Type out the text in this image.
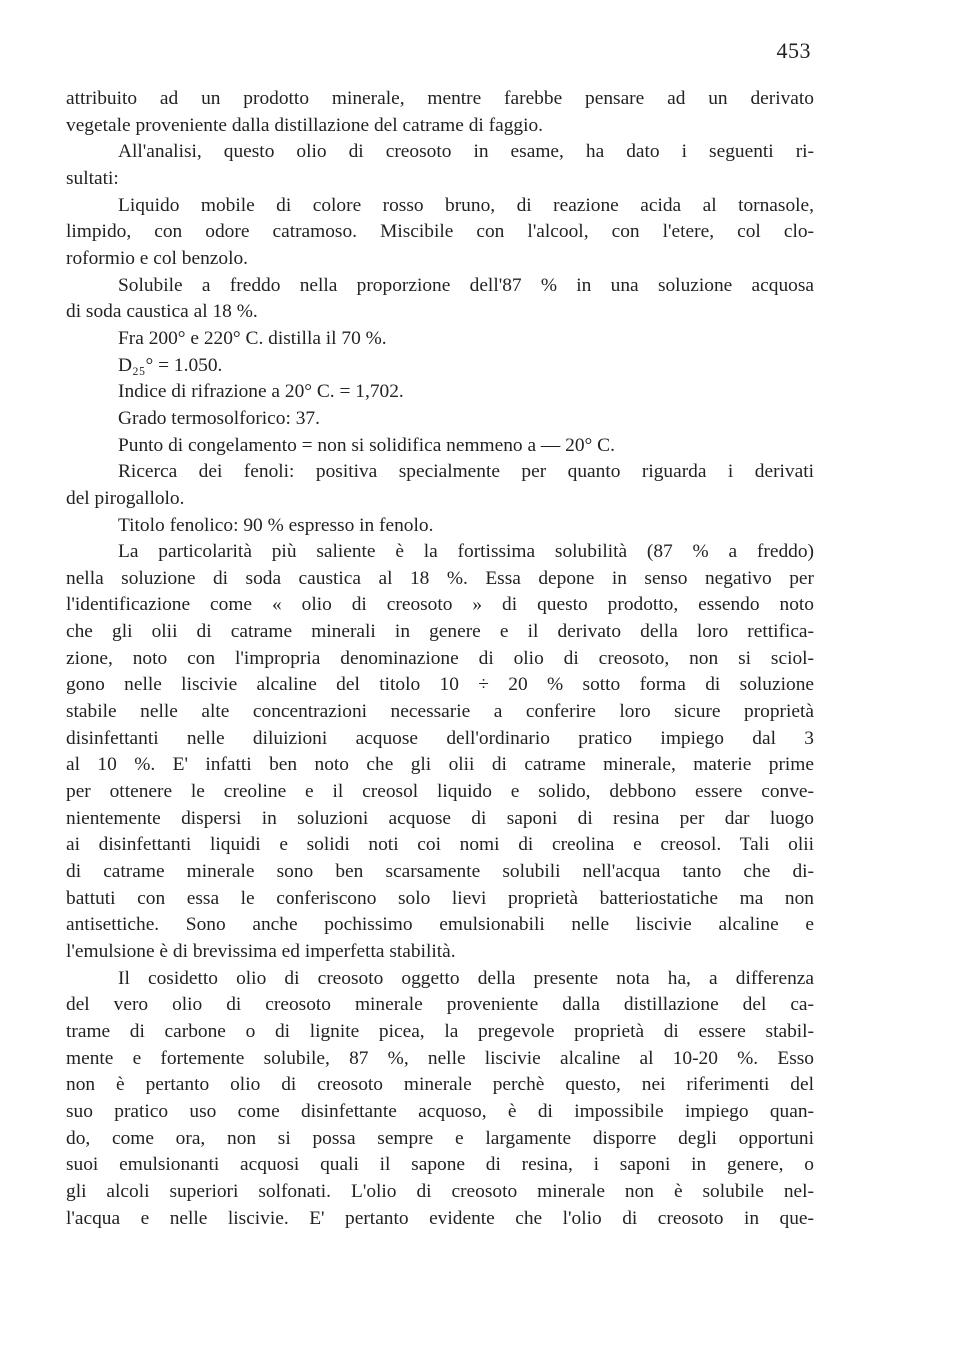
453
attribuito ad un prodotto minerale, mentre farebbe pensare ad un derivato
vegetale proveniente dalla distillazione del catrame di faggio.
All'analisi, questo olio di creosoto in esame, ha dato i seguenti ri-
sultati:
Liquido mobile di colore rosso bruno, di reazione acida al tornasole,
limpido, con odore catramoso. Miscibile con l'alcool, con l'etere, col clo-
roformio e col benzolo.
Solubile a freddo nella proporzione dell'87 % in una soluzione acquosa
di soda caustica al 18 %.
Fra 200° e 220° C. distilla il 70 %.
D₂₅° = 1.050.
Indice di rifrazione a 20° C. = 1,702.
Grado termosolforico: 37.
Punto di congelamento = non si solidifica nemmeno a — 20° C.
Ricerca dei fenoli: positiva specialmente per quanto riguarda i derivati
del pirogallolo.
Titolo fenolico: 90 % espresso in fenolo.
La particolarità più saliente è la fortissima solubilità (87 % a freddo)
nella soluzione di soda caustica al 18 %. Essa depone in senso negativo per
l'identificazione come « olio di creosoto » di questo prodotto, essendo noto
che gli olii di catrame minerali in genere e il derivato della loro rettifica-
zione, noto con l'impropria denominazione di olio di creosoto, non si sciol-
gono nelle liscivie alcaline del titolo 10 ÷ 20 % sotto forma di soluzione
stabile nelle alte concentrazioni necessarie a conferire loro sicure proprietà
disinfettanti nelle diluizioni acquose dell'ordinario pratico impiego dal 3
al 10 %. E' infatti ben noto che gli olii di catrame minerale, materie prime
per ottenere le creoline e il creosol liquido e solido, debbono essere conve-
nientemente dispersi in soluzioni acquose di saponi di resina per dar luogo
ai disinfettanti liquidi e solidi noti coi nomi di creolina e creosol. Tali olii
di catrame minerale sono ben scarsamente solubili nell'acqua tanto che di-
battuti con essa le conferiscono solo lievi proprietà batteriostatiche ma non
antisettiche. Sono anche pochissimo emulsionabili nelle liscivie alcaline e
l'emulsione è di brevissima ed imperfetta stabilità.
Il cosidetto olio di creosoto oggetto della presente nota ha, a differenza
del vero olio di creosoto minerale proveniente dalla distillazione del ca-
trame di carbone o di lignite picea, la pregevole proprietà di essere stabil-
mente e fortemente solubile, 87 %, nelle liscivie alcaline al 10-20 %. Esso
non è pertanto olio di creosoto minerale perchè questo, nei riferimenti del
suo pratico uso come disinfettante acquoso, è di impossibile impiego quan-
do, come ora, non si possa sempre e largamente disporre degli opportuni
suoi emulsionanti acquosi quali il sapone di resina, i saponi in genere, o
gli alcoli superiori solfonati. L'olio di creosoto minerale non è solubile nel-
l'acqua e nelle liscivie. E' pertanto evidente che l'olio di creosoto in que-
